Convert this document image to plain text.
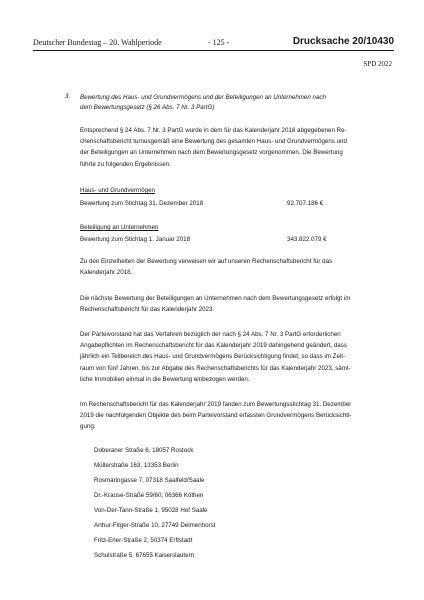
Deutscher Bundestag – 20. Wahlperiode	- 125 -	Drucksache 20/10430
SPD 2022
3. Bewertung des Haus- und Grundvermögens und der Beteiligungen an Unternehmen nach
dem Bewertungsgesetz (§ 26 Abs. 7 Nr. 3 PartG)
Entsprechend § 24 Abs. 7 Nr. 3 PartG wurde in dem für das Kalenderjahr 2018 abgegebenen Re-
chenschaftsbericht turnusgemäß eine Bewertung des gesamten Haus- und Grundvermögens und
der Beteiligungen an Unternehmen nach dem Bewertungsgesetz vorgenommen. Die Bewertung
führte zu folgenden Ergebnissen:
Haus- und Grundvermögen
Bewertung zum Stichtag 31. Dezember 2018	92.707.186 €
Beteiligung an Unternehmen
Bewertung zum Stichtag 1. Januar 2018	343.822.079 €
Zu den Einzelheiten der Bewertung verweisen wir auf unseren Rechenschaftsbericht für das
Kalenderjahr 2018.
Die nächste Bewertung der Beteiligungen an Unternehmen nach dem Bewertungsgesetz erfolgt im
Rechenschaftsbericht für das Kalenderjahr 2023.
Der Parteivorstand hat das Verfahren bezüglich der nach § 24 Abs. 7 Nr. 3 PartG erforderlichen
Angabepflichten im Rechenschaftsbericht für das Kalenderjahr 2019 dahingehend geändert, dass
jährlich ein Teilbereich des Haus- und Grundvermögens Berücksichtigung findet, so dass im Zeit-
raum von fünf Jahren, bis zur Abgabe des Rechenschaftsberichts für das Kalenderjahr 2023, sämt-
liche Immobilien einmal in die Bewertung einbezogen werden.
Im Rechenschaftsbericht für das Kalenderjahr 2019 fanden zum Bewertungsstichtag 31. Dezember
2019 die nachfolgenden Objekte des beim Parteivorstand erfassten Grundvermögens Berücksichti-
gung:
Doberaner Straße 6, 18057 Rostock
Müllerstraße 163, 13353 Berlin
Rosmaringasse 7, 07318 Saalfeld/Saale
Dr.-Krause-Straße 59/60, 06366 Köthen
Von-Der-Tann-Straße 1, 95028 Hof Saale
Arthur-Fitger-Straße 10, 27749 Delmenhorst
Fritz-Erler-Straße 2, 50374 Erftstadt
Schulstraße 5, 67655 Kaiserslautern
